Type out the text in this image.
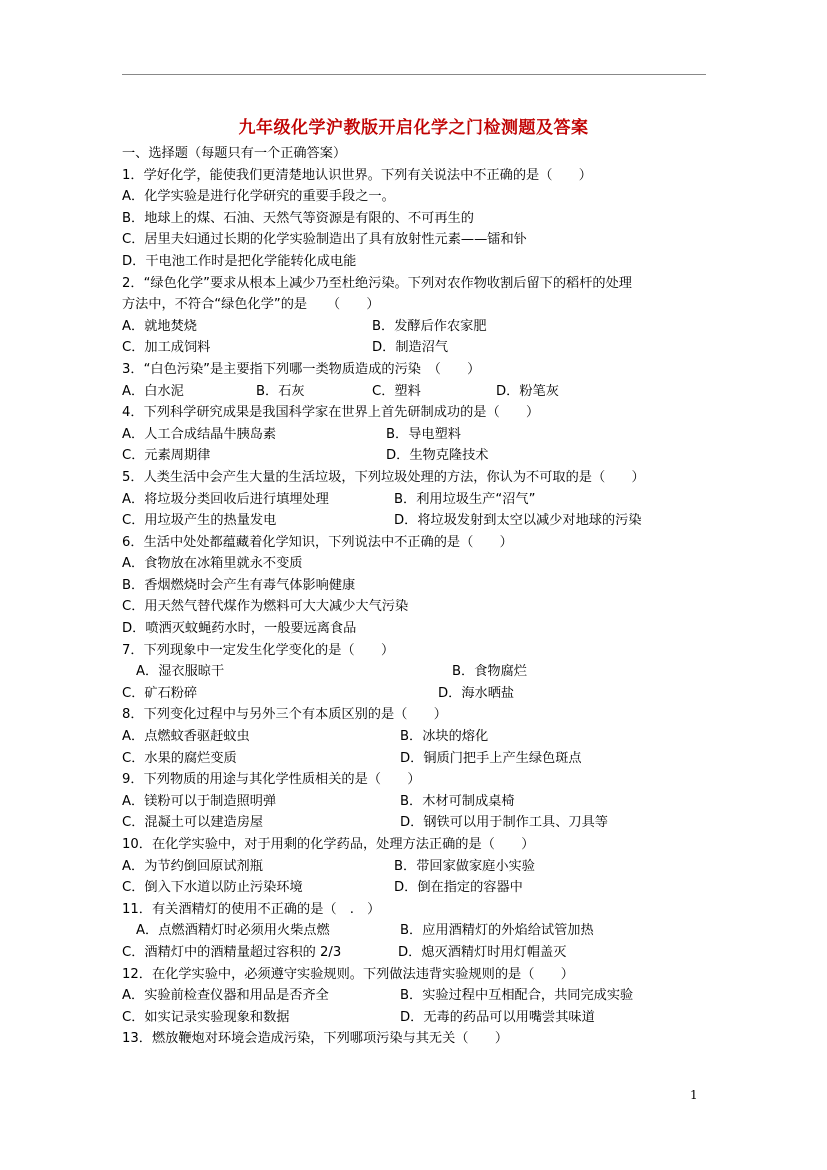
九年级化学沪教版开启化学之门检测题及答案
一、选择题（每题只有一个正确答案）
1．学好化学，能使我们更清楚地认识世界。下列有关说法中不正确的是（　　）
A．化学实验是进行化学研究的重要手段之一。
B．地球上的煤、石油、天然气等资源是有限的、不可再生的
C．居里夫妇通过长期的化学实验制造出了具有放射性元素——镭和钋
D．干电池工作时是把化学能转化成电能
2．“绿色化学”要求从根本上减少乃至杜绝污染。下列对农作物收割后留下的稻杆的处理
方法中，不符合“绿色化学”的是　　（　　）
A．就地焚烧	B．发酵后作农家肥
C．加工成饲料	D．制造沼气
3．“白色污染”是主要指下列哪一类物质造成的污染　（　　）
A．白水泥	B．石灰	C．塑料	D．粉笔灰
4．下列科学研究成果是我国科学家在世界上首先研制成功的是（　　）
A．人工合成结晶牛胰岛素	B．导电塑料
C．元素周期律	D．生物克隆技术
5．人类生活中会产生大量的生活垃圾，下列垃圾处理的方法，你认为不可取的是（　　）
A．将垃圾分类回收后进行填埋处理	B．利用垃圾生产“沼气”
C．用垃圾产生的热量发电	D．将垃圾发射到太空以减少对地球的污染
6．生活中处处都蕴藏着化学知识，下列说法中不正确的是（　　）
A．食物放在冰箱里就永不变质
B．香烟燃烧时会产生有毒气体影响健康
C．用天然气替代煤作为燃料可大大减少大气污染
D．喷洒灭蚊蝇药水时，一般要远离食品
7．下列现象中一定发生化学变化的是（　　）
A．湿衣服晾干	B．食物腐烂
C．矿石粉碎	D．海水晒盐
8．下列变化过程中与另外三个有本质区别的是（　　）
A．点燃蚊香驱赶蚊虫	B．冰块的熔化
C．水果的腐烂变质	D．铜质门把手上产生绿色斑点
9．下列物质的用途与其化学性质相关的是（　　）
A．镁粉可以于制造照明弹	B．木材可制成桌椅
C．混凝土可以建造房屋	D．钢铁可以用于制作工具、刀具等
10．在化学实验中，对于用剩的化学药品，处理方法正确的是（　　）
A．为节约倒回原试剂瓶	B．带回家做家庭小实验
C．倒入下水道以防止污染环境	D．倒在指定的容器中
11．有关酒精灯的使用不正确的是（　.　）
A．点燃酒精灯时必须用火柴点燃	B．应用酒精灯的外焰给试管加热
C．酒精灯中的酒精量超过容积的 2/3	D．熄灭酒精灯时用灯帽盖灭
12．在化学实验中，必须遵守实验规则。下列做法违背实验规则的是（　　）
A．实验前检查仪器和用品是否齐全	B．实验过程中互相配合，共同完成实验
C．如实记录实验现象和数据	D．无毒的药品可以用嘴尝其味道
13．燃放鞭炮对环境会造成污染，下列哪项污染与其无关（　　）
1
